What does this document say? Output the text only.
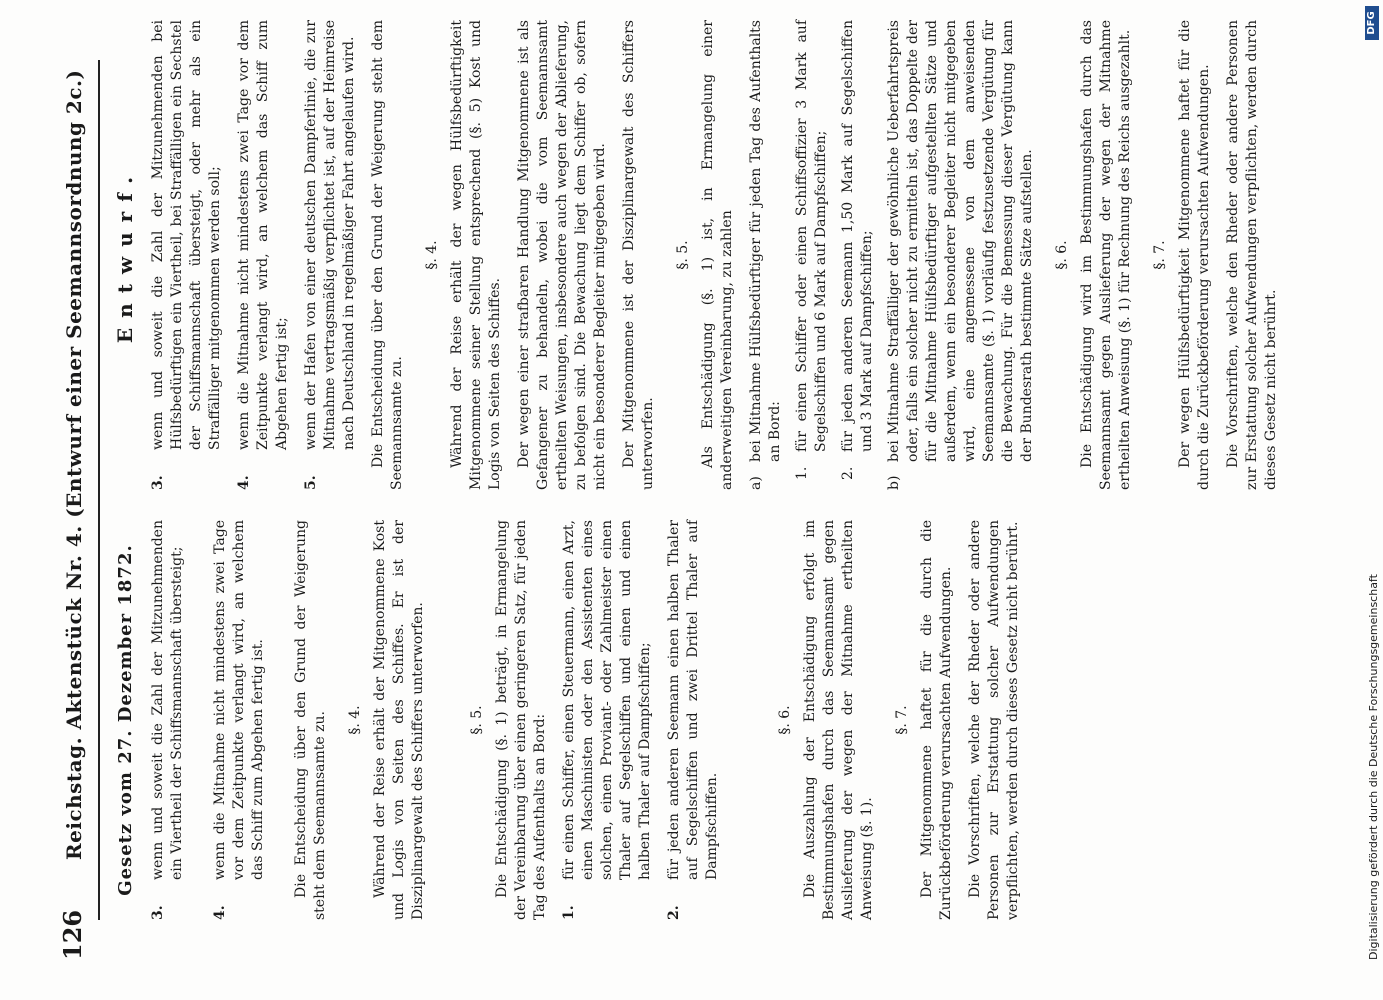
126
Reichstag. Aktenstück Nr. 4. (Entwurf einer Seemannsordnung 2c.) Gesetz vom 27. Dezember 1872.
3.
wenn und soweit die Zahl der Mitzunehmenden ein Viertheil der Schiffsmannschaft übersteigt;
4.
wenn die Mitnahme nicht mindestens zwei Tage vor dem Zeitpunkte verlangt wird, an welchem das Schiff zum Abgehen fertig ist. Die Entscheidung über den Grund der Weigerung steht dem Seemannsamte zu. §. 4. Während der Reise erhält der Mitgenommene Kost und Logis von Seiten des Schiffes. Er ist der Disziplinargewalt des Schiffers unterworfen.	§. 5. Die Entschädigung (§. 1) beträgt, in Ermangelung der Vereinbarung über einen geringeren Satz, für jeden Tag des Aufenthalts an Bord: 1.
für einen Schiffer, einen Steuermann, einen Arzt, einen Maschinisten oder den Assistenten eines solchen, einen Proviant- oder Zahlmeister einen Thaler auf Segelschiffen und einen und einen halben Thaler auf Dampfschiffen;
2.
für jeden anderen Seemann einen halben Thaler auf Segelschiffen und zwei Drittel Thaler auf Dampfschiffen.
§. 6. Die Auszahlung der Entschädigung erfolgt im Bestimmungshafen durch das Seemannsamt gegen Auslieferung der wegen der Mitnahme ertheilten Anweisung (§. 1).
§. 7. Der Mitgenommene haftet für die durch die Zurückbeförderung verursachten Aufwendungen. Die Vorschriften, welche der Rheder oder andere Personen zur Erstattung solcher Aufwendungen verpflichten, werden durch dieses Gesetz nicht berührt.
Entwurf.
3.
wenn und soweit die Zahl der Mitzunehmenden bei Hülfsbedürftigen ein Viertheil, bei Straffälligen ein Sechstel der Schiffsmannschaft übersteigt, oder mehr als ein Straffälliger mitgenommen werden soll;
4.
wenn die Mitnahme nicht mindestens zwei Tage vor dem Zeitpunkte verlangt wird, an welchem das Schiff zum Abgehen fertig ist;
5.
wenn der Hafen von einer deutschen Dampferlinie, die zur Mitnahme vertragsmäßig verpflichtet ist, auf der Heimreise nach Deutschland in regelmäßiger Fahrt angelaufen wird. Die Entscheidung über den Grund der Weigerung steht dem Seemannsamte zu.
§. 4. Während der Reise erhält der wegen Hülfsbedürftigkeit Mitgenommene seiner Stellung entsprechend (§. 5) Kost und Logis von Seiten des Schiffes. Der wegen einer strafbaren Handlung Mitgenommene ist als Gefangener zu behandeln, wobei die vom Seemannsamt ertheilten Weisungen, insbesondere auch wegen der Ablieferung, zu befolgen sind. Die Bewachung liegt dem Schiffer ob, sofern nicht ein besonderer Begleiter mitgegeben wird. Der Mitgenommene ist der Disziplinargewalt des Schiffers unterworfen.
§. 5. Als Entschädigung (§. 1) ist, in Ermangelung einer anderweitigen Vereinbarung, zu zahlen a)
bei Mitnahme Hülfsbedürftiger für jeden Tag des Aufenthalts an Bord:
1.
für einen Schiffer oder einen Schiffsoffizier 3 Mark auf Segelschiffen und 6 Mark auf Dampfschiffen;
2.
für jeden anderen Seemann 1,50 Mark auf Segelschiffen und 3 Mark auf Dampfschiffen;
b)
bei Mitnahme Straffälliger der gewöhnliche Ueberfahrtspreis oder, falls ein solcher nicht zu ermitteln ist, das Doppelte der für die Mitnahme Hülfsbedürftiger aufgestellten Sätze und außerdem, wenn ein besonderer Begleiter nicht mitgegeben wird, eine angemessene von dem anweisenden Seemannsamte (§. 1) vorläufig festzusetzende Vergütung für die Bewachung. Für die Bemessung dieser Vergütung kann der Bundesrath bestimmte Sätze aufstellen. §. 6. Die Entschädigung wird im Bestimmungshafen durch das Seemannsamt gegen Auslieferung der wegen der Mitnahme ertheilten Anweisung (§. 1) für Rechnung des Reichs ausgezahlt. §. 7. Der wegen Hülfsbedürftigkeit Mitgenommene haftet für die durch die Zurückbeförderung verursachten Aufwendungen. Die Vorschriften, welche den Rheder oder andere Personen zur Erstattung solcher Aufwendungen verpflichten, werden durch dieses Gesetz nicht berührt.
Digitalisierung gefördert durch die Deutsche Forschungsgemeinschaft
DFG
